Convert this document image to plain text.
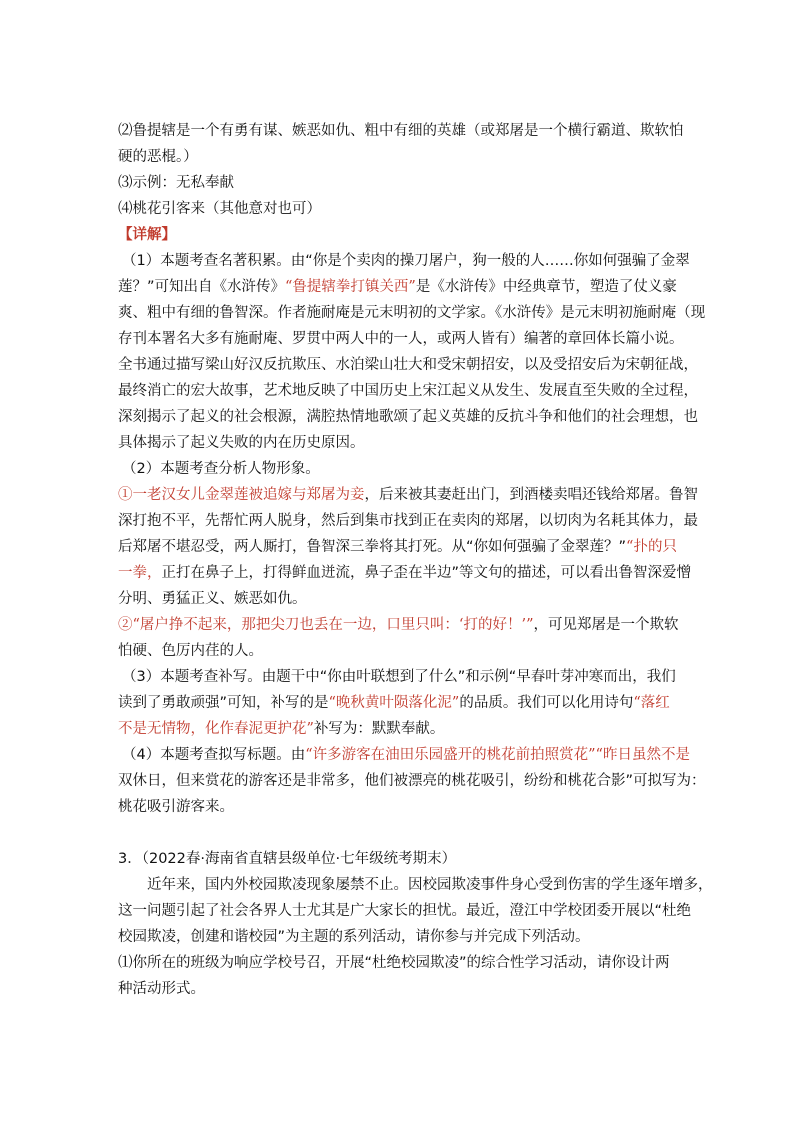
⑵鲁提辖是一个有勇有谋、嫉恶如仇、粗中有细的英雄（或郑屠是一个横行霸道、欺软怕
硬的恶棍。）
⑶示例：无私奉献
⑷桃花引客来（其他意对也可）
【详解】
（1）本题考查名著积累。由“你是个卖肉的操刀屠户，狗一般的人……你如何强骗了金翠
莲？”可知出自《水浒传》“鲁提辖拳打镇关西”是《水浒传》中经典章节，塑造了仗义豪
爽、粗中有细的鲁智深。作者施耐庵是元末明初的文学家。《水浒传》是元末明初施耐庵（现
存刊本署名大多有施耐庵、罗贯中两人中的一人，或两人皆有）编著的章回体长篇小说。
全书通过描写梁山好汉反抗欺压、水泊梁山壮大和受宋朝招安，以及受招安后为宋朝征战，
最终消亡的宏大故事，艺术地反映了中国历史上宋江起义从发生、发展直至失败的全过程，
深刻揭示了起义的社会根源，满腔热情地歌颂了起义英雄的反抗斗争和他们的社会理想，也
具体揭示了起义失败的内在历史原因。
（2）本题考查分析人物形象。
①一老汉女儿金翠莲被追嫁与郑屠为妾，后来被其妻赶出门，到酒楼卖唱还钱给郑屠。鲁智
深打抱不平，先帮忙两人脱身，然后到集市找到正在卖肉的郑屠，以切肉为名耗其体力，最
后郑屠不堪忍受，两人厮打，鲁智深三拳将其打死。从“你如何强骗了金翠莲？”“扑的只
一拳，正打在鼻子上，打得鲜血迸流，鼻子歪在半边”等文句的描述，可以看出鲁智深爱憎
分明、勇猛正义、嫉恶如仇。
②“屠户挣不起来，那把尖刀也丢在一边，口里只叫：‘打的好！’”，可见郑屠是一个欺软
怕硬、色厉内荏的人。
（3）本题考查补写。由题干中“你由叶联想到了什么”和示例“早春叶芽冲寒而出，我们
读到了勇敢顽强”可知，补写的是“晚秋黄叶陨落化泥”的品质。我们可以化用诗句“落红
不是无情物，化作春泥更护花”补写为：默默奉献。
（4）本题考查拟写标题。由“许多游客在油田乐园盛开的桃花前拍照赏花”“昨日虽然不是
双休日，但来赏花的游客还是非常多，他们被漂亮的桃花吸引，纷纷和桃花合影”可拟写为：
桃花吸引游客来。
3．（2022春·海南省直辖县级单位·七年级统考期末）
近年来，国内外校园欺凌现象屡禁不止。因校园欺凌事件身心受到伤害的学生逐年增多，
这一问题引起了社会各界人士尤其是广大家长的担忧。最近，澄江中学校团委开展以“杜绝
校园欺凌，创建和谐校园”为主题的系列活动，请你参与并完成下列活动。
⑴你所在的班级为响应学校号召，开展“杜绝校园欺凌”的综合性学习活动，请你设计两
种活动形式。
